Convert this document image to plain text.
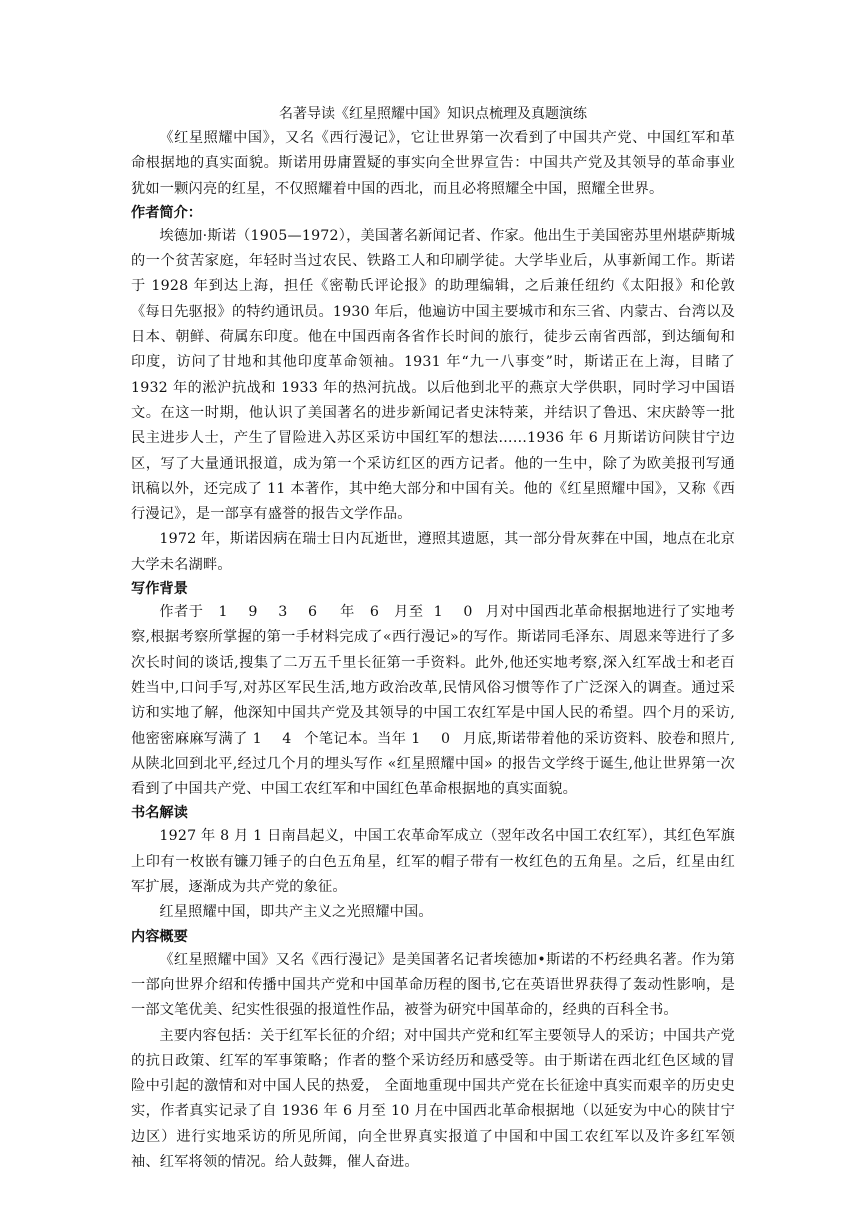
名著导读《红星照耀中国》知识点梳理及真题演练

《红星照耀中国》，又名《西行漫记》，它让世界第一次看到了中国共产党、中国红军和革命根据地的真实面貌。斯诺用毋庸置疑的事实向全世界宣告：中国共产党及其领导的革命事业犹如一颗闪亮的红星，不仅照耀着中国的西北，而且必将照耀全中国，照耀全世界。

作者简介：

埃德加·斯诺（1905—1972），美国著名新闻记者、作家。他出生于美国密苏里州堪萨斯城的一个贫苦家庭，年轻时当过农民、铁路工人和印刷学徒。大学毕业后，从事新闻工作。斯诺于 1928 年到达上海，担任《密勒氏评论报》的助理编辑，之后兼任纽约《太阳报》和伦敦《每日先驱报》的特约通讯员。1930 年后，他遍访中国主要城市和东三省、内蒙古、台湾以及日本、朝鲜、荷属东印度。他在中国西南各省作长时间的旅行，徒步云南省西部，到达缅甸和印度，访问了甘地和其他印度革命领袖。1931 年“九一八事变”时，斯诺正在上海，目睹了 1932 年的淞沪抗战和 1933 年的热河抗战。以后他到北平的燕京大学供职，同时学习中国语文。在这一时期，他认识了美国著名的进步新闻记者史沫特莱，并结识了鲁迅、宋庆龄等一批民主进步人士，产生了冒险进入苏区采访中国红军的想法……1936 年 6 月斯诺访问陕甘宁边区，写了大量通讯报道，成为第一个采访红区的西方记者。他的一生中，除了为欧美报刊写通讯稿以外，还完成了 11 本著作，其中绝大部分和中国有关。他的《红星照耀中国》，又称《西行漫记》，是一部享有盛誉的报告文学作品。

1972 年，斯诺因病在瑞士日内瓦逝世，遵照其遗愿，其一部分骨灰葬在中国，地点在北京大学未名湖畔。

写作背景

作者于 1 9 3 6 年 6 月至 1 0 月对中国西北革命根据地进行了实地考察,根据考察所掌握的第一手材料完成了«西行漫记»的写作。斯诺同毛泽东、周恩来等进行了多次长时间的谈话,搜集了二万五千里长征第一手资料。此外,他还实地考察,深入红军战士和老百姓当中,口问手写,对苏区军民生活,地方政治改革,民情风俗习惯等作了广泛深入的调查。通过采访和实地了解，他深知中国共产党及其领导的中国工农红军是中国人民的希望。四个月的采访,他密密麻麻写满了 1 4 个笔记本。当年 1 0 月底,斯诺带着他的采访资料、胶卷和照片,从陕北回到北平,经过几个月的埋头写作 «红星照耀中国» 的报告文学终于诞生,他让世界第一次看到了中国共产党、中国工农红军和中国红色革命根据地的真实面貌。

书名解读

1927 年 8 月 1 日南昌起义，中国工农革命军成立（翌年改名中国工农红军），其红色军旗上印有一枚嵌有镰刀锤子的白色五角星，红军的帽子带有一枚红色的五角星。之后，红星由红军扩展，逐渐成为共产党的象征。

红星照耀中国，即共产主义之光照耀中国。

内容概要

《红星照耀中国》又名《西行漫记》是美国著名记者埃德加•斯诺的不朽经典名著。作为第一部向世界介绍和传播中国共产党和中国革命历程的图书,它在英语世界获得了轰动性影响，是一部文笔优美、纪实性很强的报道性作品，被誉为研究中国革命的，经典的百科全书。

主要内容包括：关于红军长征的介绍；对中国共产党和红军主要领导人的采访；中国共产党的抗日政策、红军的军事策略；作者的整个采访经历和感受等。由于斯诺在西北红色区域的冒险中引起的激情和对中国人民的热爱， 全面地重现中国共产党在长征途中真实而艰辛的历史史实，作者真实记录了自 1936 年 6 月至 10 月在中国西北革命根据地（以延安为中心的陕甘宁边区）进行实地采访的所见所闻，向全世界真实报道了中国和中国工农红军以及许多红军领袖、红军将领的情况。给人鼓舞，催人奋进。
